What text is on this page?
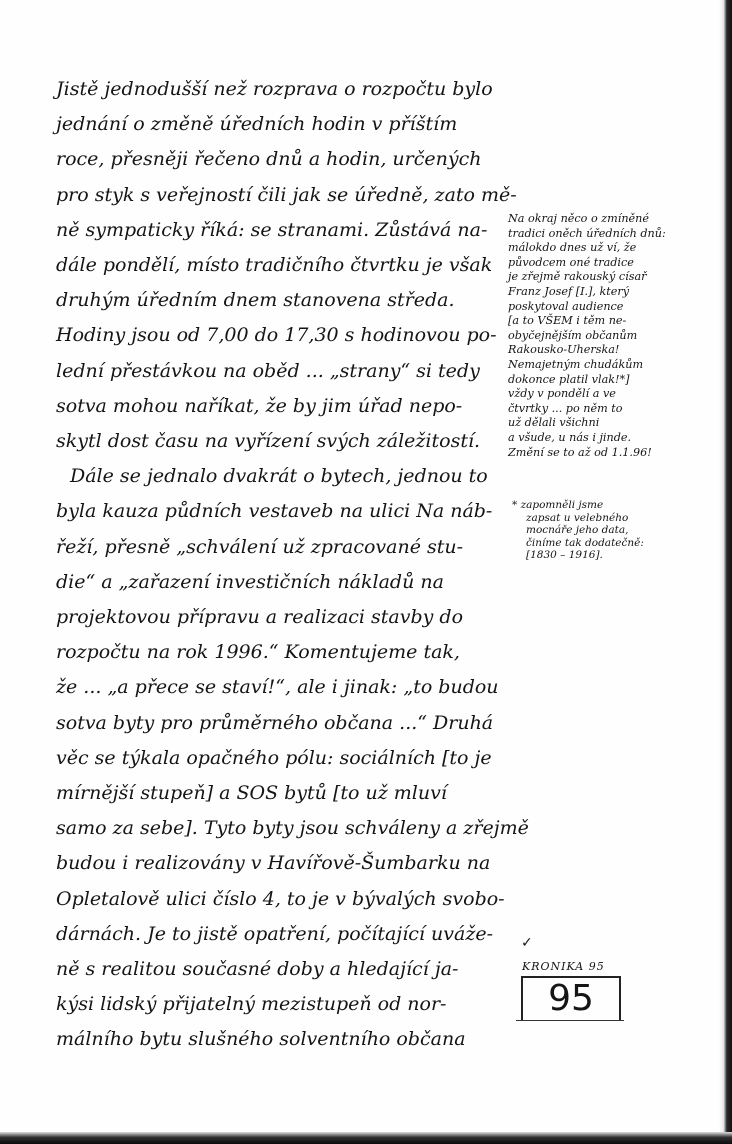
Jistě jednodušší než rozprava o rozpočtu bylo
jednání o změně úředních hodin v příštím
roce, přesněji řečeno dnů a hodin, určených
pro styk s veřejností čili jak se úředně, zato mě-
ně sympaticky říká: se stranami. Zůstává na-
dále pondělí, místo tradičního čtvrtku je však
druhým úředním dnem stanovena středa.
Hodiny jsou od 7,00 do 17,30 s hodinovou po-
lední přestávkou na oběd ... „strany“ si tedy
sotva mohou naříkat, že by jim úřad nepo-
skytl dost času na vyřízení svých záležitostí.
Dále se jednalo dvakrát o bytech, jednou to
byla kauza půdních vestaveb na ulici Na náb-
řeží, přesně „schválení už zpracované stu-
die“ a „zařazení investičních nákladů na
projektovou přípravu a realizaci stavby do
rozpočtu na rok 1996.“ Komentujeme tak,
že ... „a přece se staví!“, ale i jinak: „to budou
sotva byty pro průměrného občana ...“ Druhá
věc se týkala opačného pólu: sociálních [to je
mírnější stupeň] a SOS bytů [to už mluví
samo za sebe]. Tyto byty jsou schváleny a zřejmě
budou i realizovány v Havířově-Šumbarku na
Opletalově ulici číslo 4, to je v bývalých svobo-
dárnách. Je to jistě opatření, počítající uváže-
ně s realitou současné doby a hledající ja-
kýsi lidský přijatelný mezistupeň od nor-
málního bytu slušného solventního občana
Na okraj něco o zmíněné
tradici oněch úředních dnů:
málokdo dnes už ví, že
původcem oné tradice
je zřejmě rakouský císař
Franz Josef [I.], který
poskytoval audience
[a to VŠEM i těm ne-
obyčejnějším občanům
Rakousko-Uherska!
Nemajetným chudákům
dokonce platil vlak!*]
vždy v pondělí a ve
čtvrtky ... po něm to
už dělali všichni
a všude, u nás i jinde.
Změní se to až od 1.1.96!
* zapomněli jsme
zapsat u velebného
mocnáře jeho data,
činíme tak dodatečně:
[1830 – 1916].
✓
KRONIKA 95
95
